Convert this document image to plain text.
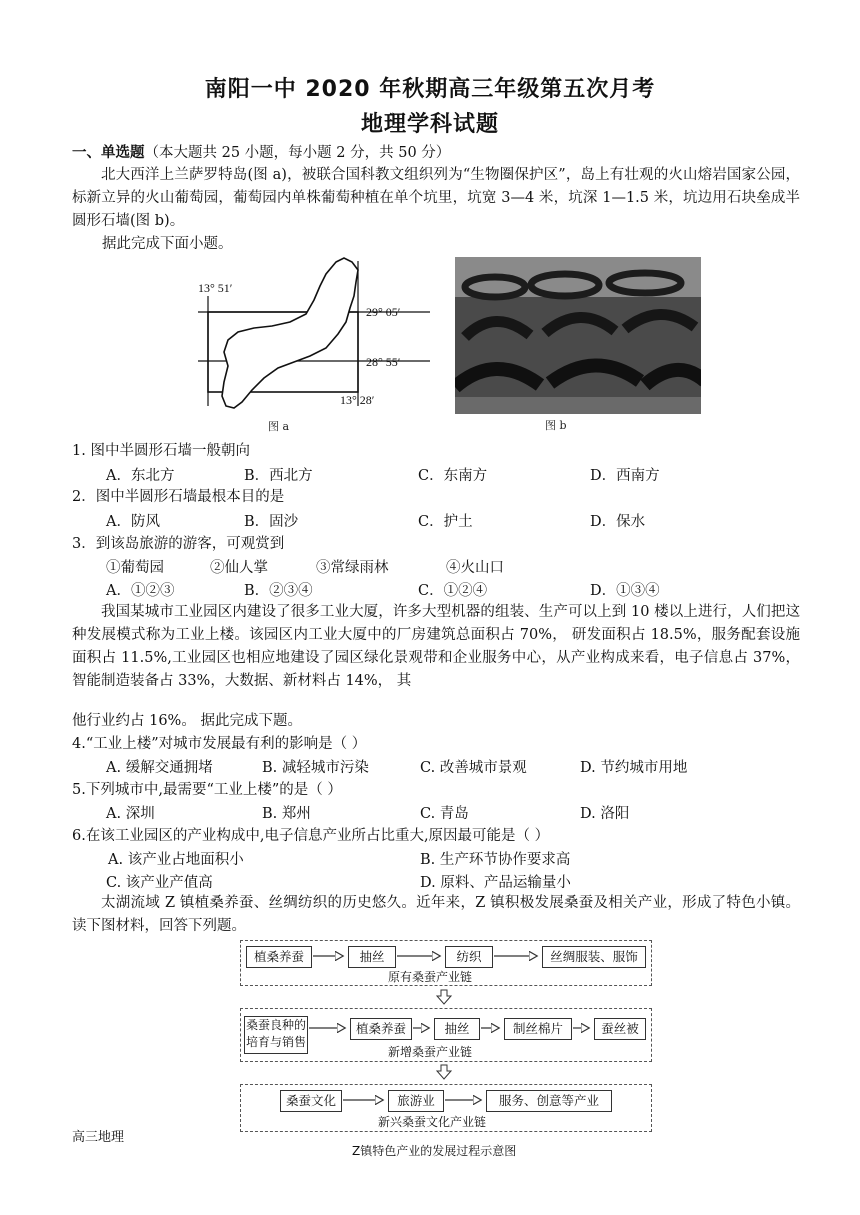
南阳一中 2020 年秋期高三年级第五次月考
地理学科试题
一、单选题（本大题共 25 小题，每小题 2 分，共 50 分）
北大西洋上兰萨罗特岛(图 a)，被联合国科教文组织列为“生物圈保护区”，岛上有壮观的火山熔岩国家公园，标新立异的火山葡萄园，葡萄园内单株葡萄种植在单个坑里，坑宽 3—4 米，坑深 1—1.5 米，坑边用石块垒成半圆形石墙(图 b)。
据此完成下面小题。
13° 51′
29° 05′
28° 55′
13° 28′
图 a	图 b
1. 图中半圆形石墙一般朝向
A．东北方	B．西北方	C．东南方	D．西南方
2．图中半圆形石墙最根本目的是
A．防风	B．固沙	C．护土	D．保水
3．到该岛旅游的游客，可观赏到
①葡萄园	②仙人掌	③常绿雨林	④火山口
A．①②③	B．②③④	C．①②④	D．①③④
我国某城市工业园区内建设了很多工业大厦，许多大型机器的组装、生产可以上到 10 楼以上进行，人们把这种发展模式称为工业上楼。该园区内工业大厦中的厂房建筑总面积占 70%， 研发面积占 18.5%，服务配套设施面积占 11.5%,工业园区也相应地建设了园区绿化景观带和企业服务中心，从产业构成来看，电子信息占 37%，智能制造装备占 33%，大数据、新材料占 14%， 其
他行业约占 16%。 据此完成下题。
4.“工业上楼”对城市发展最有利的影响是（ ）
A. 缓解交通拥堵	B. 减轻城市污染	C. 改善城市景观	D. 节约城市用地
5.下列城市中,最需要“工业上楼”的是（ ）
A. 深圳	B. 郑州	C. 青岛	D. 洛阳
6.在该工业园区的产业构成中,电子信息产业所占比重大,原因最可能是（ ）
A. 该产业占地面积小	B. 生产环节协作要求高
C. 该产业产值高	D. 原料、产品运输量小
太湖流域 Z 镇植桑养蚕、丝绸纺织的历史悠久。近年来，Z 镇积极发展桑蚕及相关产业，形成了特色小镇。读下图材料，回答下列题。
植桑养蚕	抽丝	纺织	丝绸服装、服饰
原有桑蚕产业链
桑蚕良种的培育与销售
植桑养蚕	抽丝	制丝棉片	蚕丝被
新增桑蚕产业链
桑蚕文化	旅游业	服务、创意等产业
新兴桑蚕文化产业链
Z镇特色产业的发展过程示意图
高三地理
